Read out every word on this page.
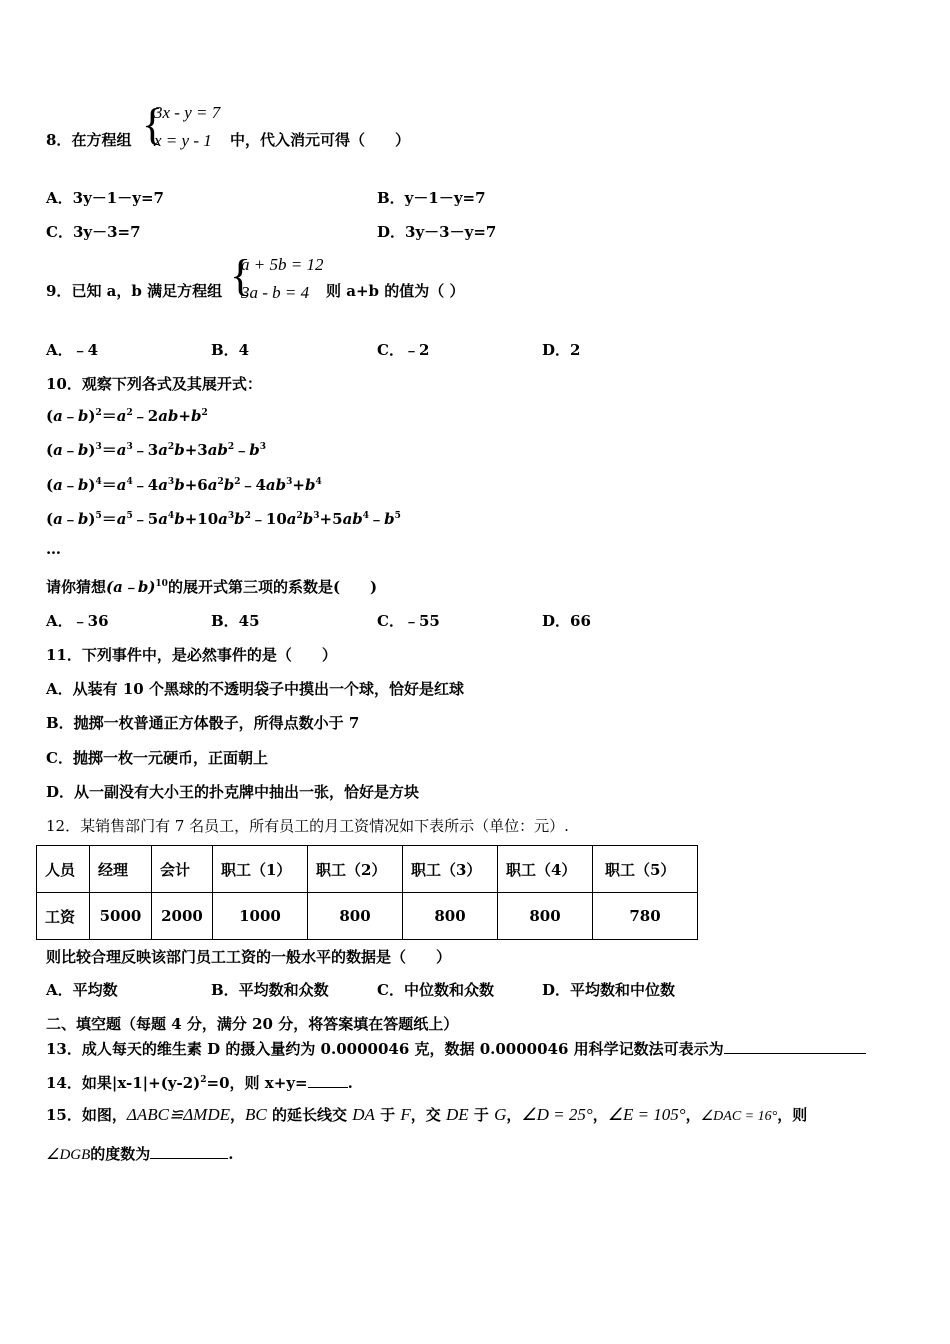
8．在方程组 {
3x - y = 7
x = y - 1 中，代入消元可得（　　）
A．3y－1－y=7	B．y－1－y=7
C．3y－3=7	D．3y－3－y=7
9．已知 a，b 满足方程组 {
a + 5b = 12
3a - b = 4 则 a+b 的值为（ ）
A．﹣4	B．4	C．﹣2	D．2
10．观察下列各式及其展开式：
$(a﹣b)^2=a^2﹣2ab+b^2$
$(a﹣b)^3=a^3﹣3a^2b+3ab^2﹣b^3$
$(a﹣b)^4=a^4﹣4a^3b+6a^2b^2﹣4ab^3+b^4$
$(a﹣b)^5=a^5﹣5a^4b+10a^3b^2﹣10a^2b^3+5ab^4﹣b^5$
…
请你猜想(a﹣b)$^{10}$的展开式第三项的系数是(　　)
A．﹣36	B．45	C．﹣55	D．66
11．下列事件中，是必然事件的是（　　）
A．从装有 10 个黑球的不透明袋子中摸出一个球，恰好是红球
B．抛掷一枚普通正方体骰子，所得点数小于 7
C．抛掷一枚一元硬币，正面朝上
D．从一副没有大小王的扑克牌中抽出一张，恰好是方块
12．某销售部门有 7 名员工，所有员工的月工资情况如下表所示（单位：元）.
人员	经理	会计	职工（1）	职工（2）	职工（3）	职工（4）	职工（5）
工资	5000	2000	1000	800	800	800	780
则比较合理反映该部门员工工资的一般水平的数据是（　　）
A．平均数	B．平均数和众数	C．中位数和众数	D．平均数和中位数
二、填空题（每题 4 分，满分 20 分，将答案填在答题纸上）
13．成人每天的维生素 D 的摄入量约为 0.0000046 克，数据 0.0000046 用科学记数法可表示为
14．如果$|x-1|+(y-2)^2=0$，则 x+y=	.
15．如图，ΔABC≌ΔMDE，BC 的延长线交 DA 于 F，交 DE 于 G，∠D = 25°，∠E = 105°，∠DAC = 16°，则
∠DGB的度数为	.
